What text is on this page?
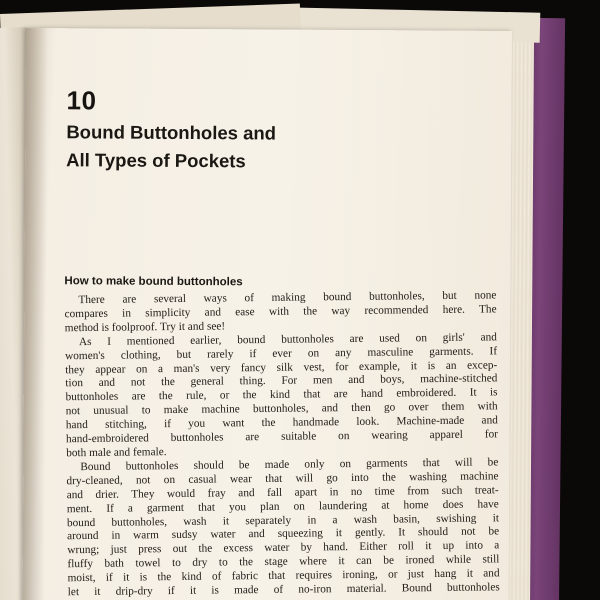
10
Bound Buttonholes and
All Types of Pockets
How to make bound buttonholes
There are several ways of making bound buttonholes, but none
compares in simplicity and ease with the way recommended here. The
method is foolproof. Try it and see!
As I mentioned earlier, bound buttonholes are used on girls' and
women's clothing, but rarely if ever on any masculine garments. If
they appear on a man's very fancy silk vest, for example, it is an excep-
tion and not the general thing. For men and boys, machine-stitched
buttonholes are the rule, or the kind that are hand embroidered. It is
not unusual to make machine buttonholes, and then go over them with
hand stitching, if you want the handmade look. Machine-made and
hand-embroidered buttonholes are suitable on wearing apparel for
both male and female.
Bound buttonholes should be made only on garments that will be
dry-cleaned, not on casual wear that will go into the washing machine
and drier. They would fray and fall apart in no time from such treat-
ment. If a garment that you plan on laundering at home does have
bound buttonholes, wash it separately in a wash basin, swishing it
around in warm sudsy water and squeezing it gently. It should not be
wrung; just press out the excess water by hand. Either roll it up into a
fluffy bath towel to dry to the stage where it can be ironed while still
moist, if it is the kind of fabric that requires ironing, or just hang it and
let it drip-dry if it is made of no-iron material. Bound buttonholes
